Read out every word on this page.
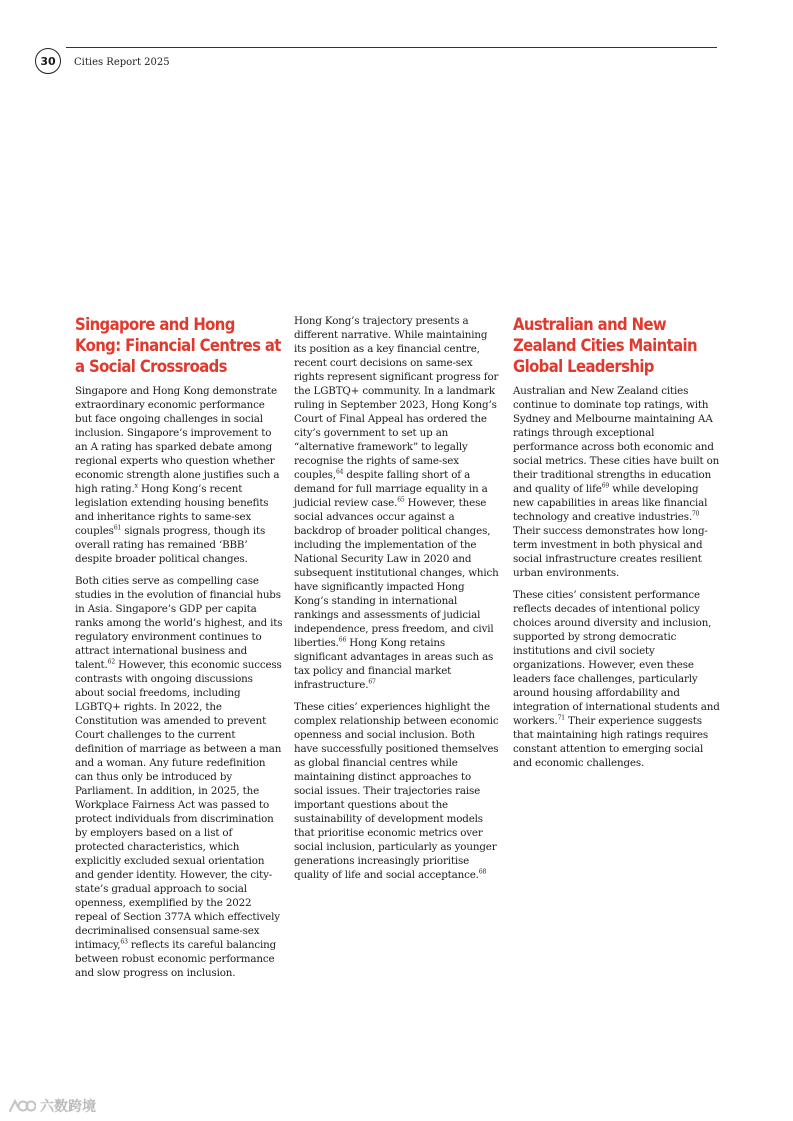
30	Cities Report 2025
Singapore and Hong Kong: Financial Centres at a Social Crossroads

Singapore and Hong Kong demonstrate extraordinary economic performance but face ongoing challenges in social inclusion. Singapore’s improvement to an A rating has sparked debate among regional experts who question whether economic strength alone justifies such a high rating.$^x$ Hong Kong’s recent legislation extending housing benefits and inheritance rights to same-sex couples$^{61}$ signals progress, though its overall rating has remained ‘BBB’ despite broader political changes.

Both cities serve as compelling case studies in the evolution of financial hubs in Asia. Singapore’s GDP per capita ranks among the world’s highest, and its regulatory environment continues to attract international business and talent.$^{62}$ However, this economic success contrasts with ongoing discussions about social freedoms, including LGBTQ+ rights. In 2022, the Constitution was amended to prevent Court challenges to the current definition of marriage as between a man and a woman. Any future redefinition can thus only be introduced by Parliament. In addition, in 2025, the Workplace Fairness Act was passed to protect individuals from discrimination by employers based on a list of protected characteristics, which explicitly excluded sexual orientation and gender identity. However, the city-state’s gradual approach to social openness, exemplified by the 2022 repeal of Section 377A which effectively decriminalised consensual same-sex intimacy,$^{63}$ reflects its careful balancing between robust economic performance and slow progress on inclusion.

Hong Kong’s trajectory presents a different narrative. While maintaining its position as a key financial centre, recent court decisions on same-sex rights represent significant progress for the LGBTQ+ community. In a landmark ruling in September 2023, Hong Kong’s Court of Final Appeal has ordered the city’s government to set up an “alternative framework” to legally recognise the rights of same-sex couples,$^{64}$ despite falling short of a demand for full marriage equality in a judicial review case.$^{65}$ However, these social advances occur against a backdrop of broader political changes, including the implementation of the National Security Law in 2020 and subsequent institutional changes, which have significantly impacted Hong Kong’s standing in international rankings and assessments of judicial independence, press freedom, and civil liberties.$^{66}$ Hong Kong retains significant advantages in areas such as tax policy and financial market infrastructure.$^{67}$

These cities’ experiences highlight the complex relationship between economic openness and social inclusion. Both have successfully positioned themselves as global financial centres while maintaining distinct approaches to social issues. Their trajectories raise important questions about the sustainability of development models that prioritise economic metrics over social inclusion, particularly as younger generations increasingly prioritise quality of life and social acceptance.$^{68}$

Australian and New Zealand Cities Maintain Global Leadership

Australian and New Zealand cities continue to dominate top ratings, with Sydney and Melbourne maintaining AA ratings through exceptional performance across both economic and social metrics. These cities have built on their traditional strengths in education and quality of life$^{69}$ while developing new capabilities in areas like financial technology and creative industries.$^{70}$ Their success demonstrates how long-term investment in both physical and social infrastructure creates resilient urban environments.

These cities’ consistent performance reflects decades of intentional policy choices around diversity and inclusion, supported by strong democratic institutions and civil society organizations. However, even these leaders face challenges, particularly around housing affordability and integration of international students and workers.$^{71}$ Their experience suggests that maintaining high ratings requires constant attention to emerging social and economic challenges.

六数跨境
